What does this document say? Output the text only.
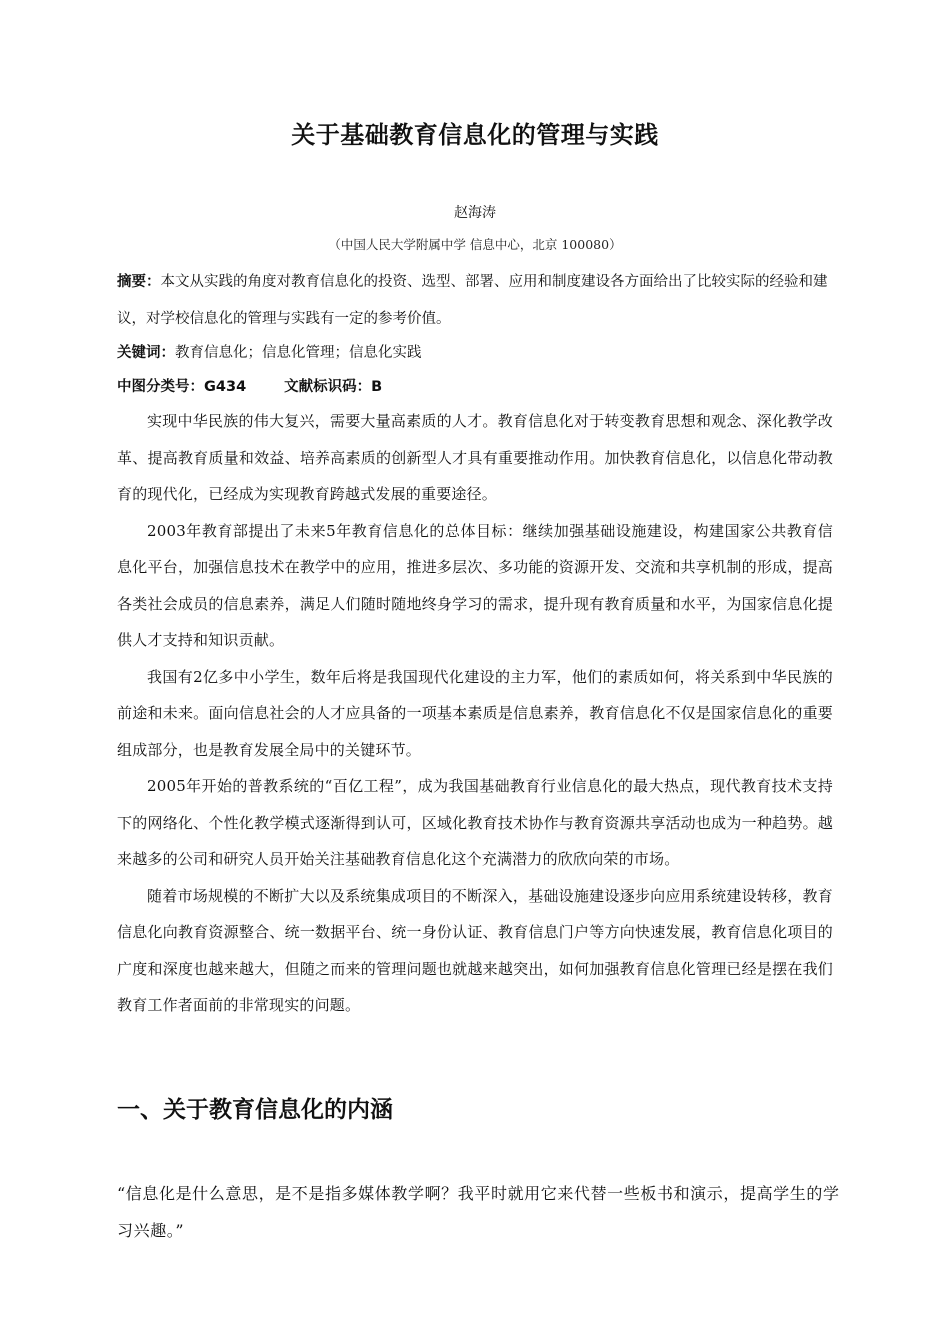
关于基础教育信息化的管理与实践
赵海涛
（中国人民大学附属中学 信息中心，北京 100080）
摘要：本文从实践的角度对教育信息化的投资、选型、部署、应用和制度建设各方面给出了比较实际的经验和建议，对学校信息化的管理与实践有一定的参考价值。
关键词：教育信息化；信息化管理；信息化实践
中图分类号：G434	文献标识码：B

实现中华民族的伟大复兴，需要大量高素质的人才。教育信息化对于转变教育思想和观念、深化教学改革、提高教育质量和效益、培养高素质的创新型人才具有重要推动作用。加快教育信息化，以信息化带动教育的现代化，已经成为实现教育跨越式发展的重要途径。

2003年教育部提出了未来5年教育信息化的总体目标：继续加强基础设施建设，构建国家公共教育信息化平台，加强信息技术在教学中的应用，推进多层次、多功能的资源开发、交流和共享机制的形成，提高各类社会成员的信息素养，满足人们随时随地终身学习的需求，提升现有教育质量和水平，为国家信息化提供人才支持和知识贡献。

我国有2亿多中小学生，数年后将是我国现代化建设的主力军，他们的素质如何，将关系到中华民族的前途和未来。面向信息社会的人才应具备的一项基本素质是信息素养，教育信息化不仅是国家信息化的重要组成部分，也是教育发展全局中的关键环节。

2005年开始的普教系统的“百亿工程”，成为我国基础教育行业信息化的最大热点，现代教育技术支持下的网络化、个性化教学模式逐渐得到认可，区域化教育技术协作与教育资源共享活动也成为一种趋势。越来越多的公司和研究人员开始关注基础教育信息化这个充满潜力的欣欣向荣的市场。

随着市场规模的不断扩大以及系统集成项目的不断深入，基础设施建设逐步向应用系统建设转移，教育信息化向教育资源整合、统一数据平台、统一身份认证、教育信息门户等方向快速发展，教育信息化项目的广度和深度也越来越大，但随之而来的管理问题也就越来越突出，如何加强教育信息化管理已经是摆在我们教育工作者面前的非常现实的问题。

一、关于教育信息化的内涵
“信息化是什么意思，是不是指多媒体教学啊？我平时就用它来代替一些板书和演示，提高学生的学习兴趣。”
